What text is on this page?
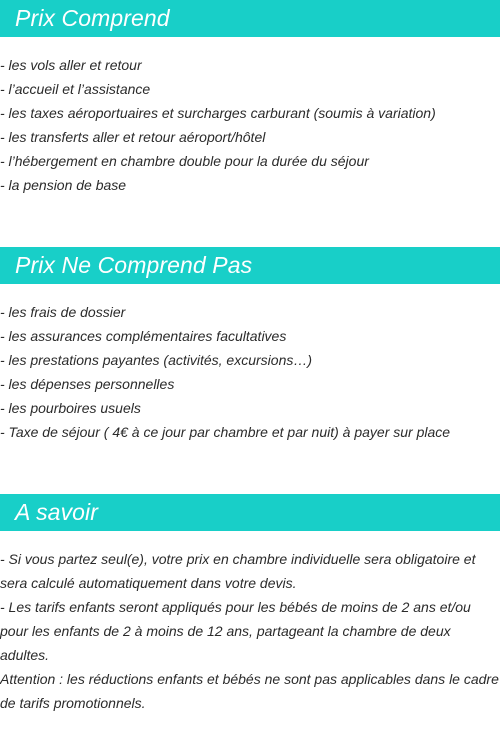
Prix Comprend
- les vols aller et retour
- l’accueil et l’assistance
- les taxes aéroportuaires et surcharges carburant (soumis à variation)
- les transferts aller et retour aéroport/hôtel
- l’hébergement en chambre double pour la durée du séjour
- la pension de base
Prix Ne Comprend Pas
- les frais de dossier
- les assurances complémentaires facultatives
- les prestations payantes (activités, excursions…)
- les dépenses personnelles
- les pourboires usuels
- Taxe de séjour ( 4€ à ce jour par chambre et par nuit) à payer sur place
A savoir

- Si vous partez seul(e), votre prix en chambre individuelle sera obligatoire et sera calculé automatiquement dans votre devis.

- Les tarifs enfants seront appliqués pour les bébés de moins de 2 ans et/ou pour les enfants de 2 à moins de 12 ans, partageant la chambre de deux adultes.

Attention : les réductions enfants et bébés ne sont pas applicables dans le cadre de tarifs promotionnels.
